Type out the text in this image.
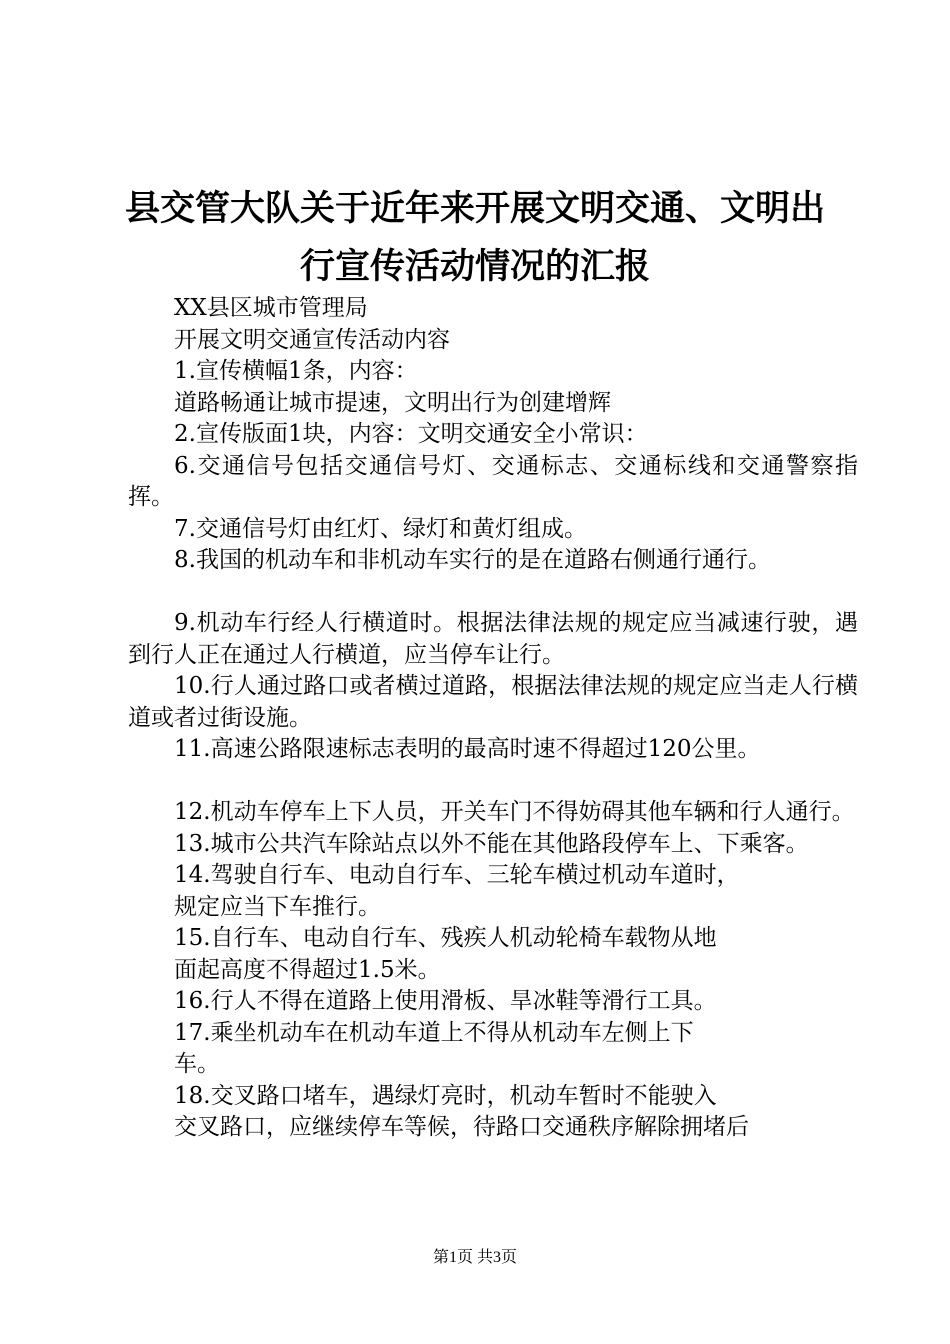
县交管大队关于近年来开展文明交通、文明出
行宣传活动情况的汇报

XX县区城市管理局

开展文明交通宣传活动内容

1.宣传横幅1条，内容：

道路畅通让城市提速，文明出行为创建增辉

2.宣传版面1块，内容：文明交通安全小常识：

6.交通信号包括交通信号灯、交通标志、交通标线和交通警察指挥。

7.交通信号灯由红灯、绿灯和黄灯组成。

8.我国的机动车和非机动车实行的是在道路右侧通行通行。

9.机动车行经人行横道时。根据法律法规的规定应当减速行驶，遇到行人正在通过人行横道，应当停车让行。

10.行人通过路口或者横过道路，根据法律法规的规定应当走人行横道或者过街设施。

11.高速公路限速标志表明的最高时速不得超过120公里。

12.机动车停车上下人员，开关车门不得妨碍其他车辆和行人通行。

13.城市公共汽车除站点以外不能在其他路段停车上、下乘客。

14.驾驶自行车、电动自行车、三轮车横过机动车道时，

规定应当下车推行。

15.自行车、电动自行车、残疾人机动轮椅车载物从地

面起高度不得超过1.5米。

16.行人不得在道路上使用滑板、旱冰鞋等滑行工具。

17.乘坐机动车在机动车道上不得从机动车左侧上下

车。

18.交叉路口堵车，遇绿灯亮时，机动车暂时不能驶入

交叉路口，应继续停车等候，待路口交通秩序解除拥堵后

第1页 共3页
